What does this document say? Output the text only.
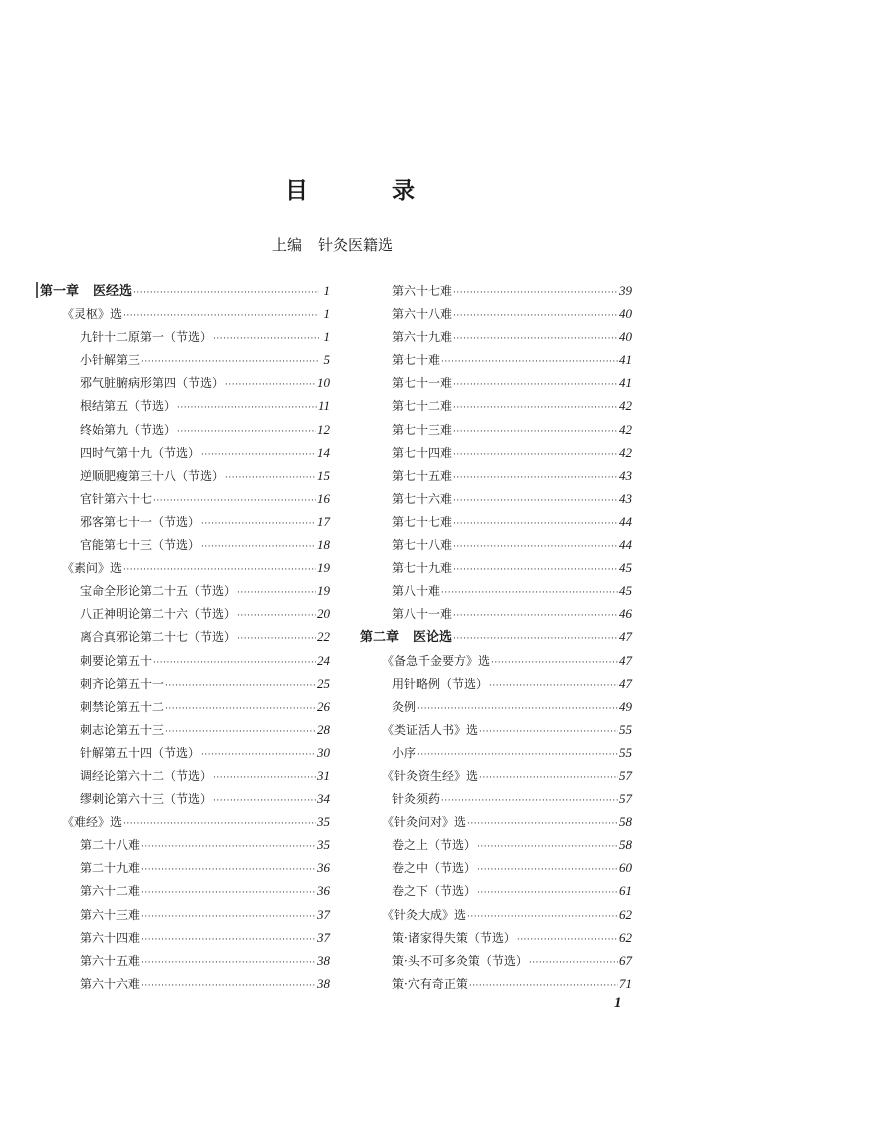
目 录
上编 针灸医籍选
第一章 医经选 ·····	1
《灵枢》选 ·····	1
九针十二原第一（节选） ·····	1
小针解第三 ·····	5
邪气脏腑病形第四（节选） ·····	10
根结第五（节选） ·····	11
终始第九（节选） ·····	12
四时气第十九（节选） ·····	14
逆顺肥瘦第三十八（节选） ·····	15
官针第六十七 ·····	16
邪客第七十一（节选） ·····	17
官能第七十三（节选） ·····	18
《素问》选 ·····	19
宝命全形论第二十五（节选） ·····	19
八正神明论第二十六（节选） ·····	20
离合真邪论第二十七（节选） ·····	22
刺要论第五十 ·····	24
刺齐论第五十一 ·····	25
刺禁论第五十二 ·····	26
刺志论第五十三 ·····	28
针解第五十四（节选） ·····	30
调经论第六十二（节选） ·····	31
缪刺论第六十三（节选） ·····	34
《难经》选 ·····	35
第二十八难 ·····	35
第二十九难 ·····	36
第六十二难 ·····	36
第六十三难 ·····	37
第六十四难 ·····	37
第六十五难 ·····	38
第六十六难 ·····	38
第六十七难 ·····	39
第六十八难 ·····	40
第六十九难 ·····	40
第七十难 ·····	41
第七十一难 ·····	41
第七十二难 ·····	42
第七十三难 ·····	42
第七十四难 ·····	42
第七十五难 ·····	43
第七十六难 ·····	43
第七十七难 ·····	44
第七十八难 ·····	44
第七十九难 ·····	45
第八十难 ·····	45
第八十一难 ·····	46
第二章 医论选 ·····	47
《备急千金要方》选 ·····	47
用针略例（节选） ·····	47
灸例 ·····	49
《类证活人书》选 ·····	55
小序 ·····	55
《针灸资生经》选 ·····	57
针灸须药 ·····	57
《针灸问对》选 ·····	58
卷之上（节选） ·····	58
卷之中（节选） ·····	60
卷之下（节选） ·····	61
《针灸大成》选 ·····	62
策·诸家得失策（节选） ·····	62
策·头不可多灸策（节选） ·····	67
策·穴有奇正策 ·····	71
1
